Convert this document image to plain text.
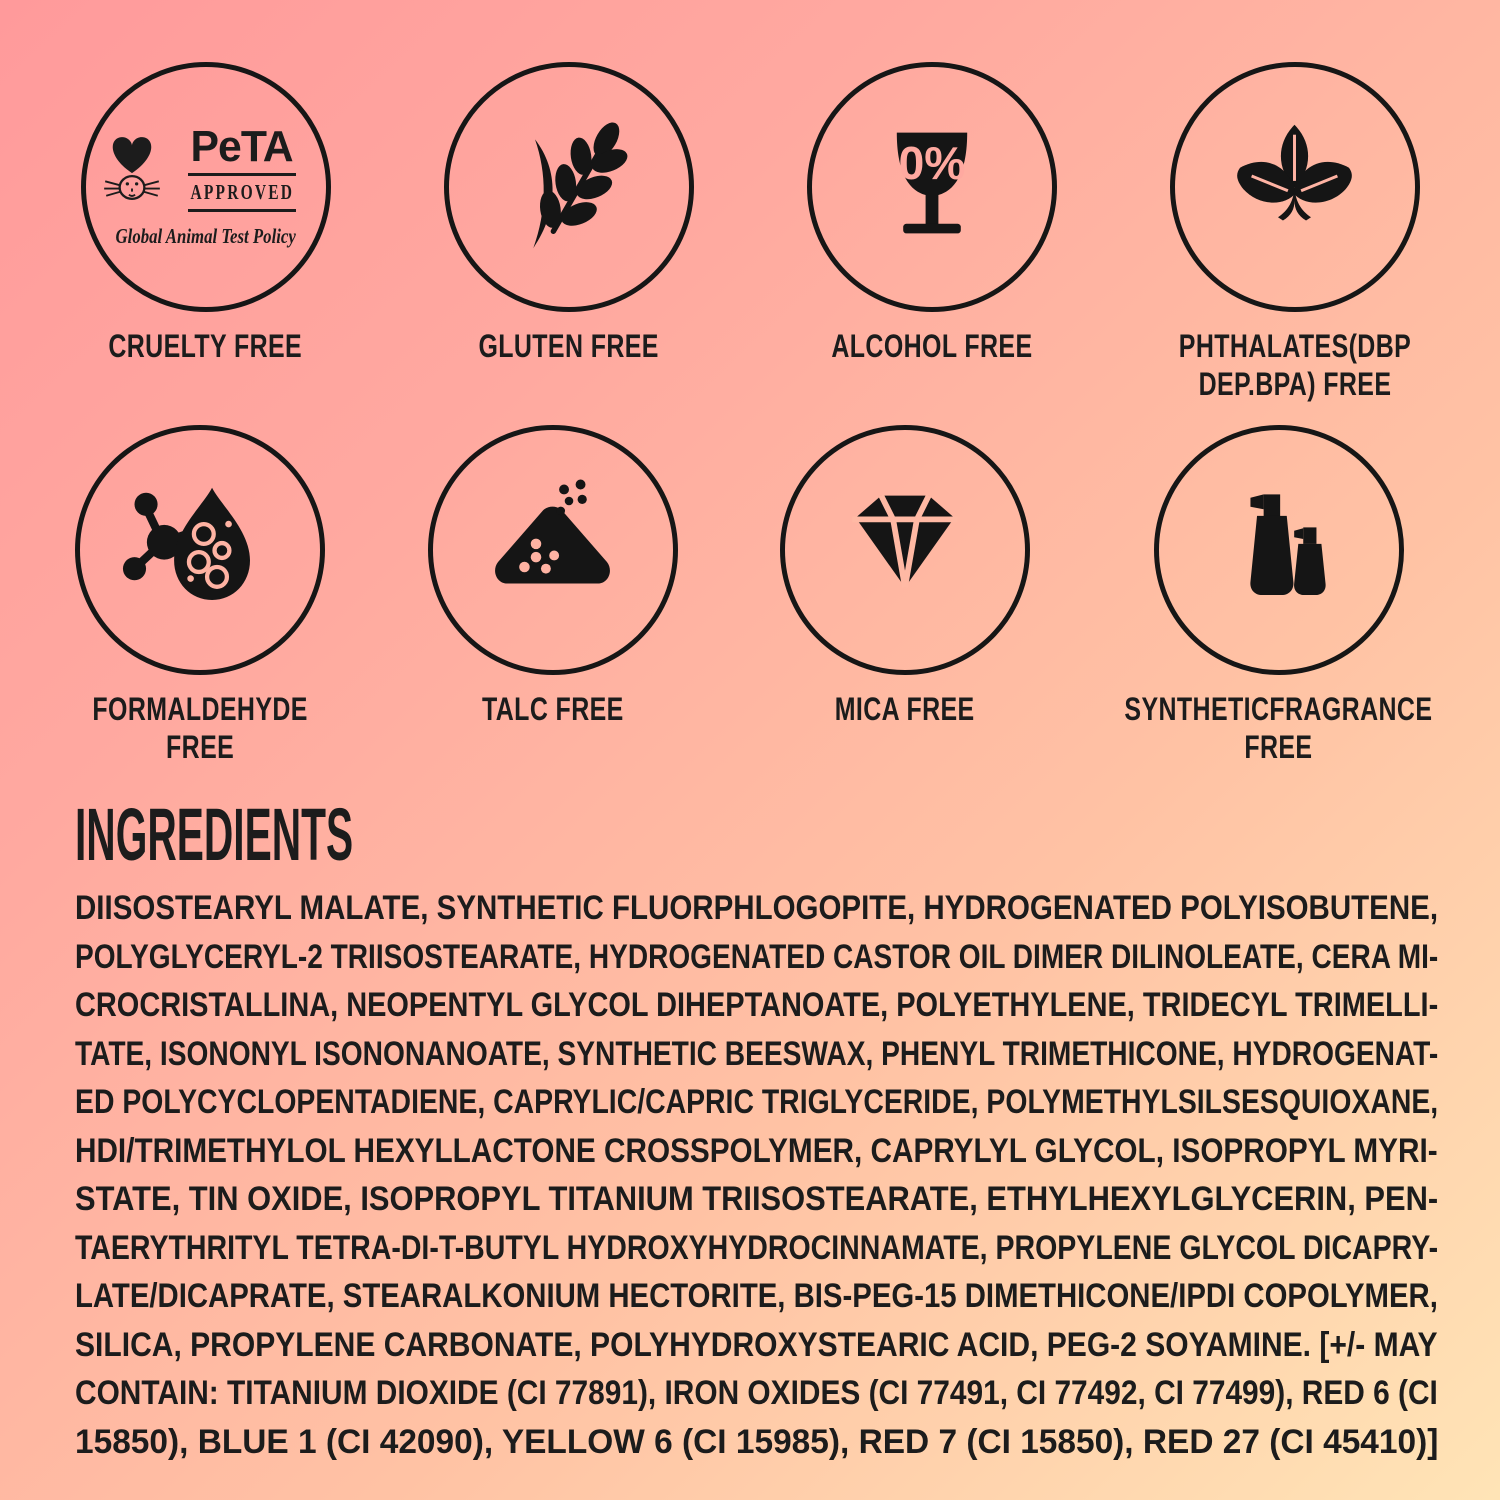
PeTA
APPROVED
Global Animal Test Policy
CRUELTY FREE	GLUTEN FREE
0%
ALCOHOL FREE	PHTHALATES(DBP
DEP.BPA) FREE
FORMALDEHYDE
FREE
TALC FREE	MICA FREE	SYNTHETICFRAGRANCE
FREE
INGREDIENTS
DIISOSTEARYL MALATE, SYNTHETIC FLUORPHLOGOPITE, HYDROGENATED POLYISOBUTENE,
POLYGLYCERYL-2 TRIISOSTEARATE, HYDROGENATED CASTOR OIL DIMER DILINOLEATE, CERA MI-
CROCRISTALLINA, NEOPENTYL GLYCOL DIHEPTANOATE, POLYETHYLENE, TRIDECYL TRIMELLI-
TATE, ISONONYL ISONONANOATE, SYNTHETIC BEESWAX, PHENYL TRIMETHICONE, HYDROGENAT-
ED POLYCYCLOPENTADIENE, CAPRYLIC/CAPRIC TRIGLYCERIDE, POLYMETHYLSILSESQUIOXANE,
HDI/TRIMETHYLOL HEXYLLACTONE CROSSPOLYMER, CAPRYLYL GLYCOL, ISOPROPYL MYRI-
STATE, TIN OXIDE, ISOPROPYL TITANIUM TRIISOSTEARATE, ETHYLHEXYLGLYCERIN, PEN-
TAERYTHRITYL TETRA-DI-T-BUTYL HYDROXYHYDROCINNAMATE, PROPYLENE GLYCOL DICAPRY-
LATE/DICAPRATE, STEARALKONIUM HECTORITE, BIS-PEG-15 DIMETHICONE/IPDI COPOLYMER,
SILICA, PROPYLENE CARBONATE, POLYHYDROXYSTEARIC ACID, PEG-2 SOYAMINE. [+/- MAY
CONTAIN: TITANIUM DIOXIDE (CI 77891), IRON OXIDES (CI 77491, CI 77492, CI 77499), RED 6 (CI
15850), BLUE 1 (CI 42090), YELLOW 6 (CI 15985), RED 7 (CI 15850), RED 27 (CI 45410)]
